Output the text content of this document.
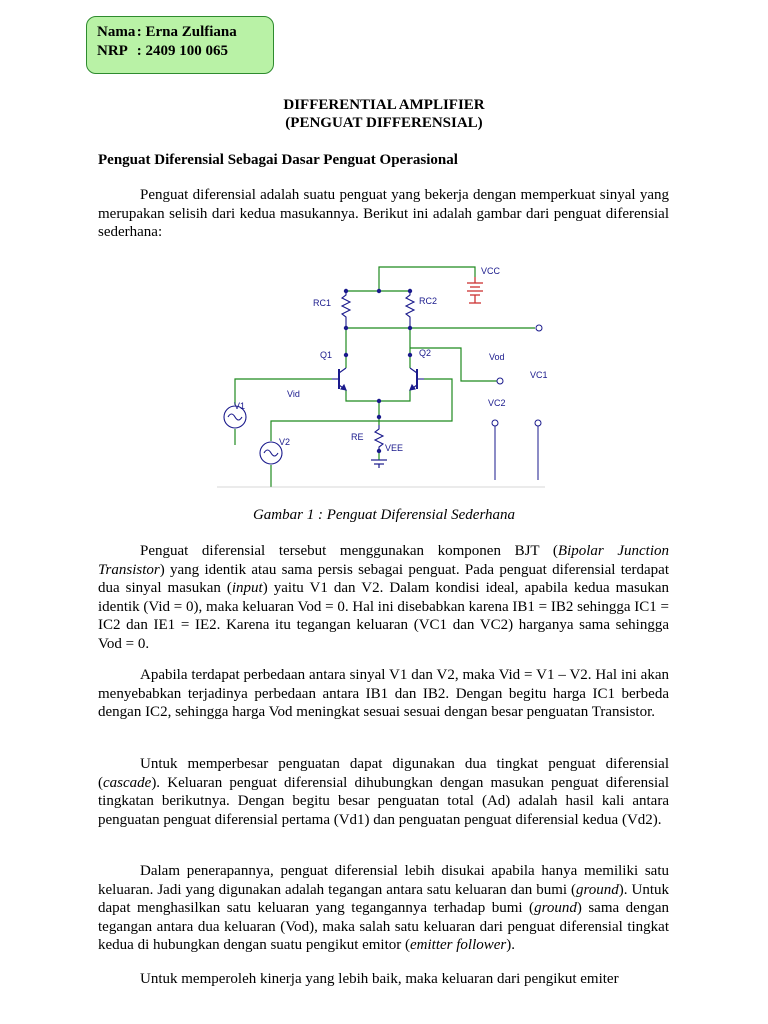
Nama : Erna Zulfiana
NRP : 2409 100 065
DIFFERENTIAL AMPLIFIER
(PENGUAT DIFFERENSIAL)
Penguat Diferensial Sebagai Dasar Penguat Operasional

Penguat diferensial adalah suatu penguat yang bekerja dengan memperkuat sinyal yang merupakan selisih dari kedua masukannya. Berikut ini adalah gambar dari penguat diferensial sederhana:

VCC
RC1	RC2
Q1	Q2
RE
VEE
V1
V2
Vid
Vod
VC1
VC2
Gambar 1 : Penguat Diferensial Sederhana

Penguat diferensial tersebut menggunakan komponen BJT (Bipolar Junction Transistor) yang identik atau sama persis sebagai penguat. Pada penguat diferensial terdapat dua sinyal masukan (input) yaitu V1 dan V2. Dalam kondisi ideal, apabila kedua masukan identik (Vid = 0), maka keluaran Vod = 0. Hal ini disebabkan karena IB1 = IB2 sehingga IC1 = IC2 dan IE1 = IE2. Karena itu tegangan keluaran (VC1 dan VC2) harganya sama sehingga Vod = 0.

Apabila terdapat perbedaan antara sinyal V1 dan V2, maka Vid = V1 – V2. Hal ini akan menyebabkan terjadinya perbedaan antara IB1 dan IB2. Dengan begitu harga IC1 berbeda dengan IC2, sehingga harga Vod meningkat sesuai sesuai dengan besar penguatan Transistor.

Untuk memperbesar penguatan dapat digunakan dua tingkat penguat diferensial (cascade). Keluaran penguat diferensial dihubungkan dengan masukan penguat diferensial tingkatan berikutnya. Dengan begitu besar penguatan total (Ad) adalah hasil kali antara penguatan penguat diferensial pertama (Vd1) dan penguatan penguat diferensial kedua (Vd2).

Dalam penerapannya, penguat diferensial lebih disukai apabila hanya memiliki satu keluaran. Jadi yang digunakan adalah tegangan antara satu keluaran dan bumi (ground). Untuk dapat menghasilkan satu keluaran yang tegangannya terhadap bumi (ground) sama dengan tegangan antara dua keluaran (Vod), maka salah satu keluaran dari penguat diferensial tingkat kedua di hubungkan dengan suatu pengikut emitor (emitter follower).

Untuk memperoleh kinerja yang lebih baik, maka keluaran dari pengikut emiter
